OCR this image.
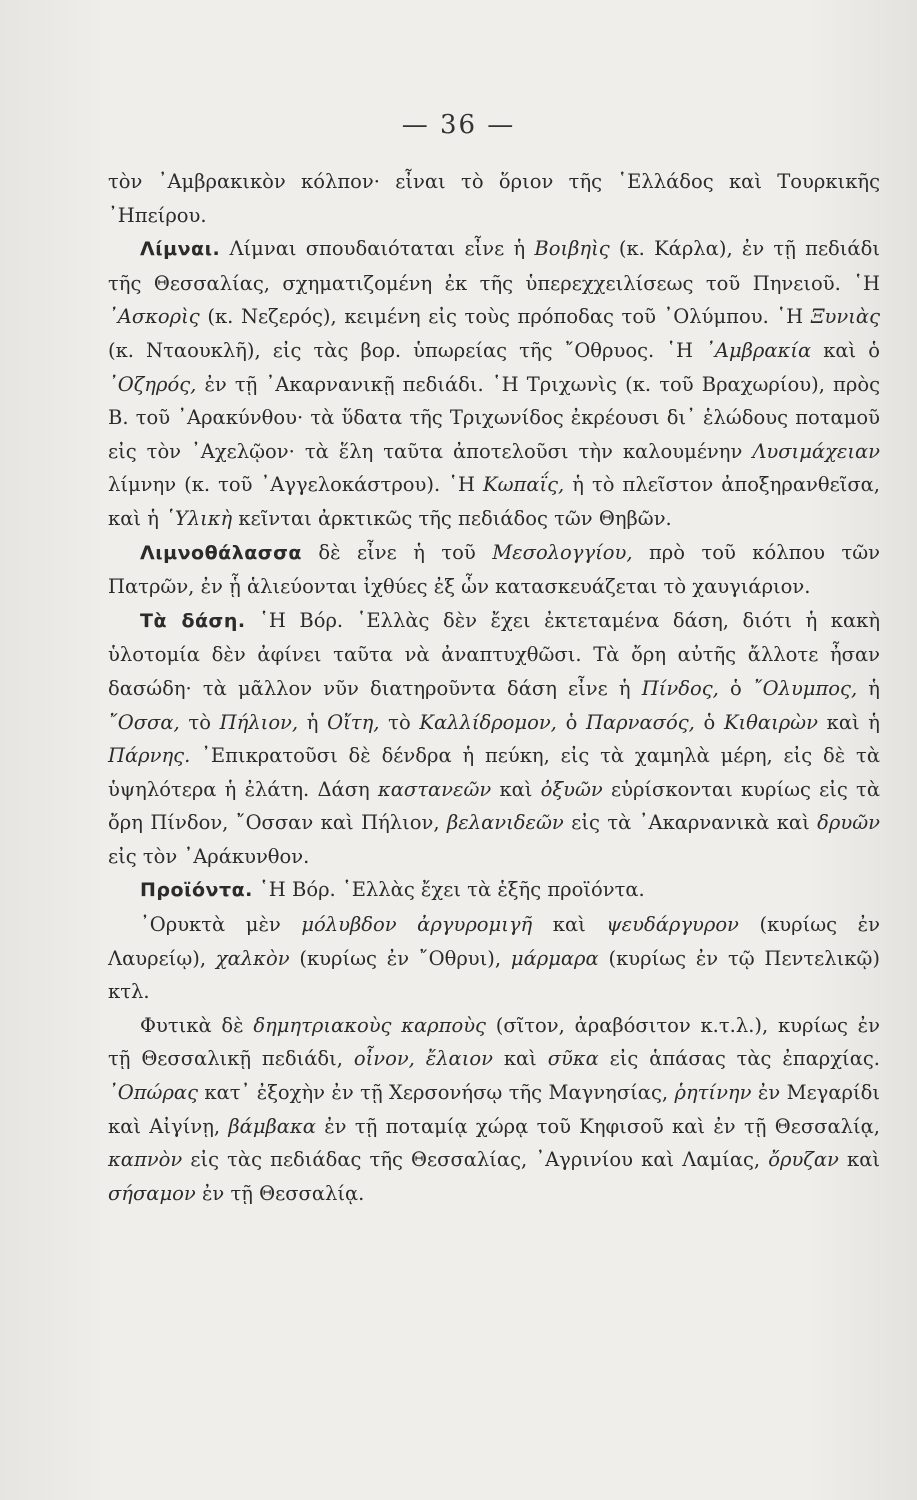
— 36 —

τὸν ᾽Αμβρακικὸν κόλπον· εἶναι τὸ ὅριον τῆς ῾Ελλάδος καὶ Τουρκικῆς ᾽Ηπείρου.

Λίμναι. Λίμναι σπουδαιόταται εἶνε ἡ Βοιβηὶς (κ. Κάρλα), ἐν τῇ πεδιάδι τῆς Θεσσαλίας, σχηματιζομένη ἐκ τῆς ὑπερεχχειλίσεως τοῦ Πηνειοῦ. ῾Η ᾽Ασκορὶς (κ. Νεζερός), κειμένη εἰς τοὺς πρόποδας τοῦ ᾽Ολύμπου. ῾Η Ξυνιὰς (κ. Νταουκλῆ), εἰς τὰς βορ. ὑπωρείας τῆς ῎Οθρυος. ῾Η ᾽Αμβρακία καὶ ὁ ᾽Οζηρός, ἐν τῇ ᾽Ακαρνανικῇ πεδιάδι. ῾Η Τριχωνὶς (κ. τοῦ Βραχωρίου), πρὸς Β. τοῦ ᾽Αρακύνθου· τὰ ὕδατα τῆς Τριχωνίδος ἐκρέουσι δι᾽ ἑλώδους ποταμοῦ εἰς τὸν ᾽Αχελῷον· τὰ ἕλη ταῦτα ἀποτελοῦσι τὴν καλουμένην Λυσιμάχειαν λίμνην (κ. τοῦ ᾽Αγγελοκάστρου). ῾Η Κωπαΐς, ἡ τὸ πλεῖστον ἀποξηρανθεῖσα, καὶ ἡ ῾Υλικὴ κεῖνται ἀρκτικῶς τῆς πεδιάδος τῶν Θηβῶν.

Λιμνοθάλασσα δὲ εἶνε ἡ τοῦ Μεσολογγίου, πρὸ τοῦ κόλπου τῶν Πατρῶν, ἐν ᾗ ἁλιεύονται ἰχθύες ἐξ ὧν κατασκευάζεται τὸ χαυγιάριον.

Τὰ δάση. ῾Η Βόρ. ῾Ελλὰς δὲν ἔχει ἐκτεταμένα δάση, διότι ἡ κακὴ ὑλοτομία δὲν ἀφίνει ταῦτα νὰ ἀναπτυχθῶσι. Τὰ ὄρη αὐτῆς ἄλλοτε ἦσαν δασώδη· τὰ μᾶλλον νῦν διατηροῦντα δάση εἶνε ἡ Πίνδος, ὁ ῎Ολυμπος, ἡ ῎Οσσα, τὸ Πήλιον, ἡ Οἴτη, τὸ Καλλίδρομον, ὁ Παρνασός, ὁ Κιθαιρὼν καὶ ἡ Πάρνης. ᾽Επικρατοῦσι δὲ δένδρα ἡ πεύκη, εἰς τὰ χαμηλὰ μέρη, εἰς δὲ τὰ ὑψηλότερα ἡ ἐλάτη. Δάση καστανεῶν καὶ ὀξυῶν εὑρίσκονται κυρίως εἰς τὰ ὄρη Πίνδον, ῎Οσσαν καὶ Πήλιον, βελανιδεῶν εἰς τὰ ᾽Ακαρνανικὰ καὶ δρυῶν εἰς τὸν ᾽Αράκυνθον.

Προϊόντα. ῾Η Βόρ. ῾Ελλὰς ἔχει τὰ ἑξῆς προϊόντα.

᾽Ορυκτὰ μὲν μόλυβδον ἀργυρομιγῆ καὶ ψευδάργυρον (κυρίως ἐν Λαυρείῳ), χαλκὸν (κυρίως ἐν ῎Οθρυι), μάρμαρα (κυρίως ἐν τῷ Πεντελικῷ) κτλ.

Φυτικὰ δὲ δημητριακοὺς καρποὺς (σῖτον, ἀραβόσιτον κ.τ.λ.), κυρίως ἐν τῇ Θεσσαλικῇ πεδιάδι, οἶνον, ἔλαιον καὶ σῦκα εἰς ἁπάσας τὰς ἐπαρχίας. ᾽Οπώρας κατ᾽ ἐξοχὴν ἐν τῇ Χερσονήσῳ τῆς Μαγνησίας, ῥητίνην ἐν Μεγαρίδι καὶ Αἰγίνῃ, βάμβακα ἐν τῇ ποταμίᾳ χώρᾳ τοῦ Κηφισοῦ καὶ ἐν τῇ Θεσσαλίᾳ, καπνὸν εἰς τὰς πεδιάδας τῆς Θεσσαλίας, ᾽Αγρινίου καὶ Λαμίας, ὄρυζαν καὶ σήσαμον ἐν τῇ Θεσσαλίᾳ.
